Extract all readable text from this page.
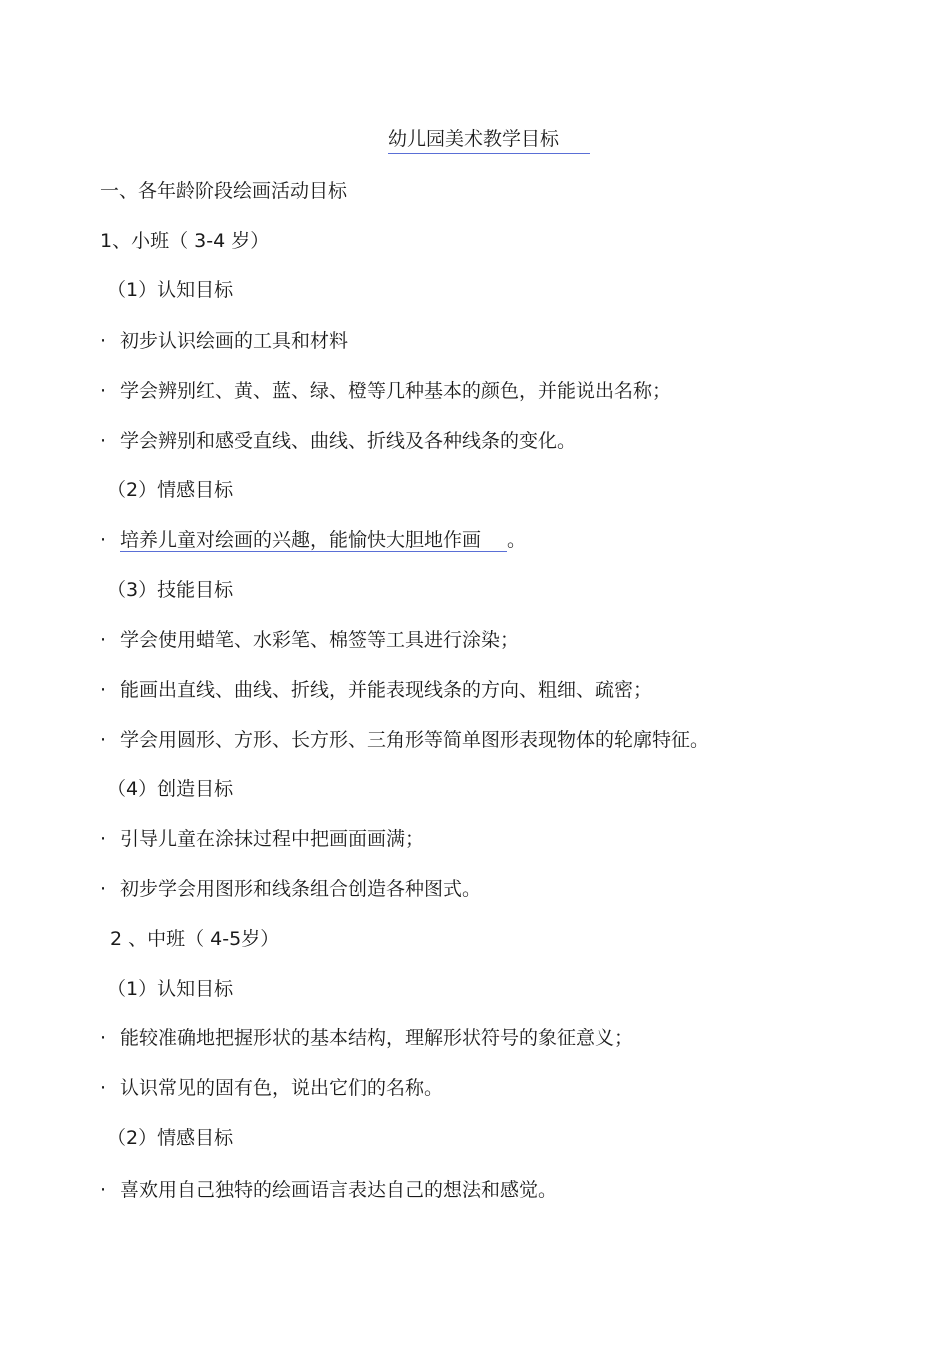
幼儿园美术教学目标
一、各年龄阶段绘画活动目标
1、小班（ 3-4 岁）
（1）认知目标
· 初步认识绘画的工具和材料
· 学会辨别红、黄、蓝、绿、橙等几种基本的颜色，并能说出名称；
· 学会辨别和感受直线、曲线、折线及各种线条的变化。
（2）情感目标
· 培养儿童对绘画的兴趣，能愉快大胆地作画 。
（3）技能目标
· 学会使用蜡笔、水彩笔、棉签等工具进行涂染；
· 能画出直线、曲线、折线，并能表现线条的方向、粗细、疏密；
· 学会用圆形、方形、长方形、三角形等简单图形表现物体的轮廓特征。
（4）创造目标
· 引导儿童在涂抹过程中把画面画满；
· 初步学会用图形和线条组合创造各种图式。
2 、中班（ 4-5岁）
（1）认知目标
· 能较准确地把握形状的基本结构，理解形状符号的象征意义；
· 认识常见的固有色，说出它们的名称。
（2）情感目标
· 喜欢用自己独特的绘画语言表达自己的想法和感觉。
